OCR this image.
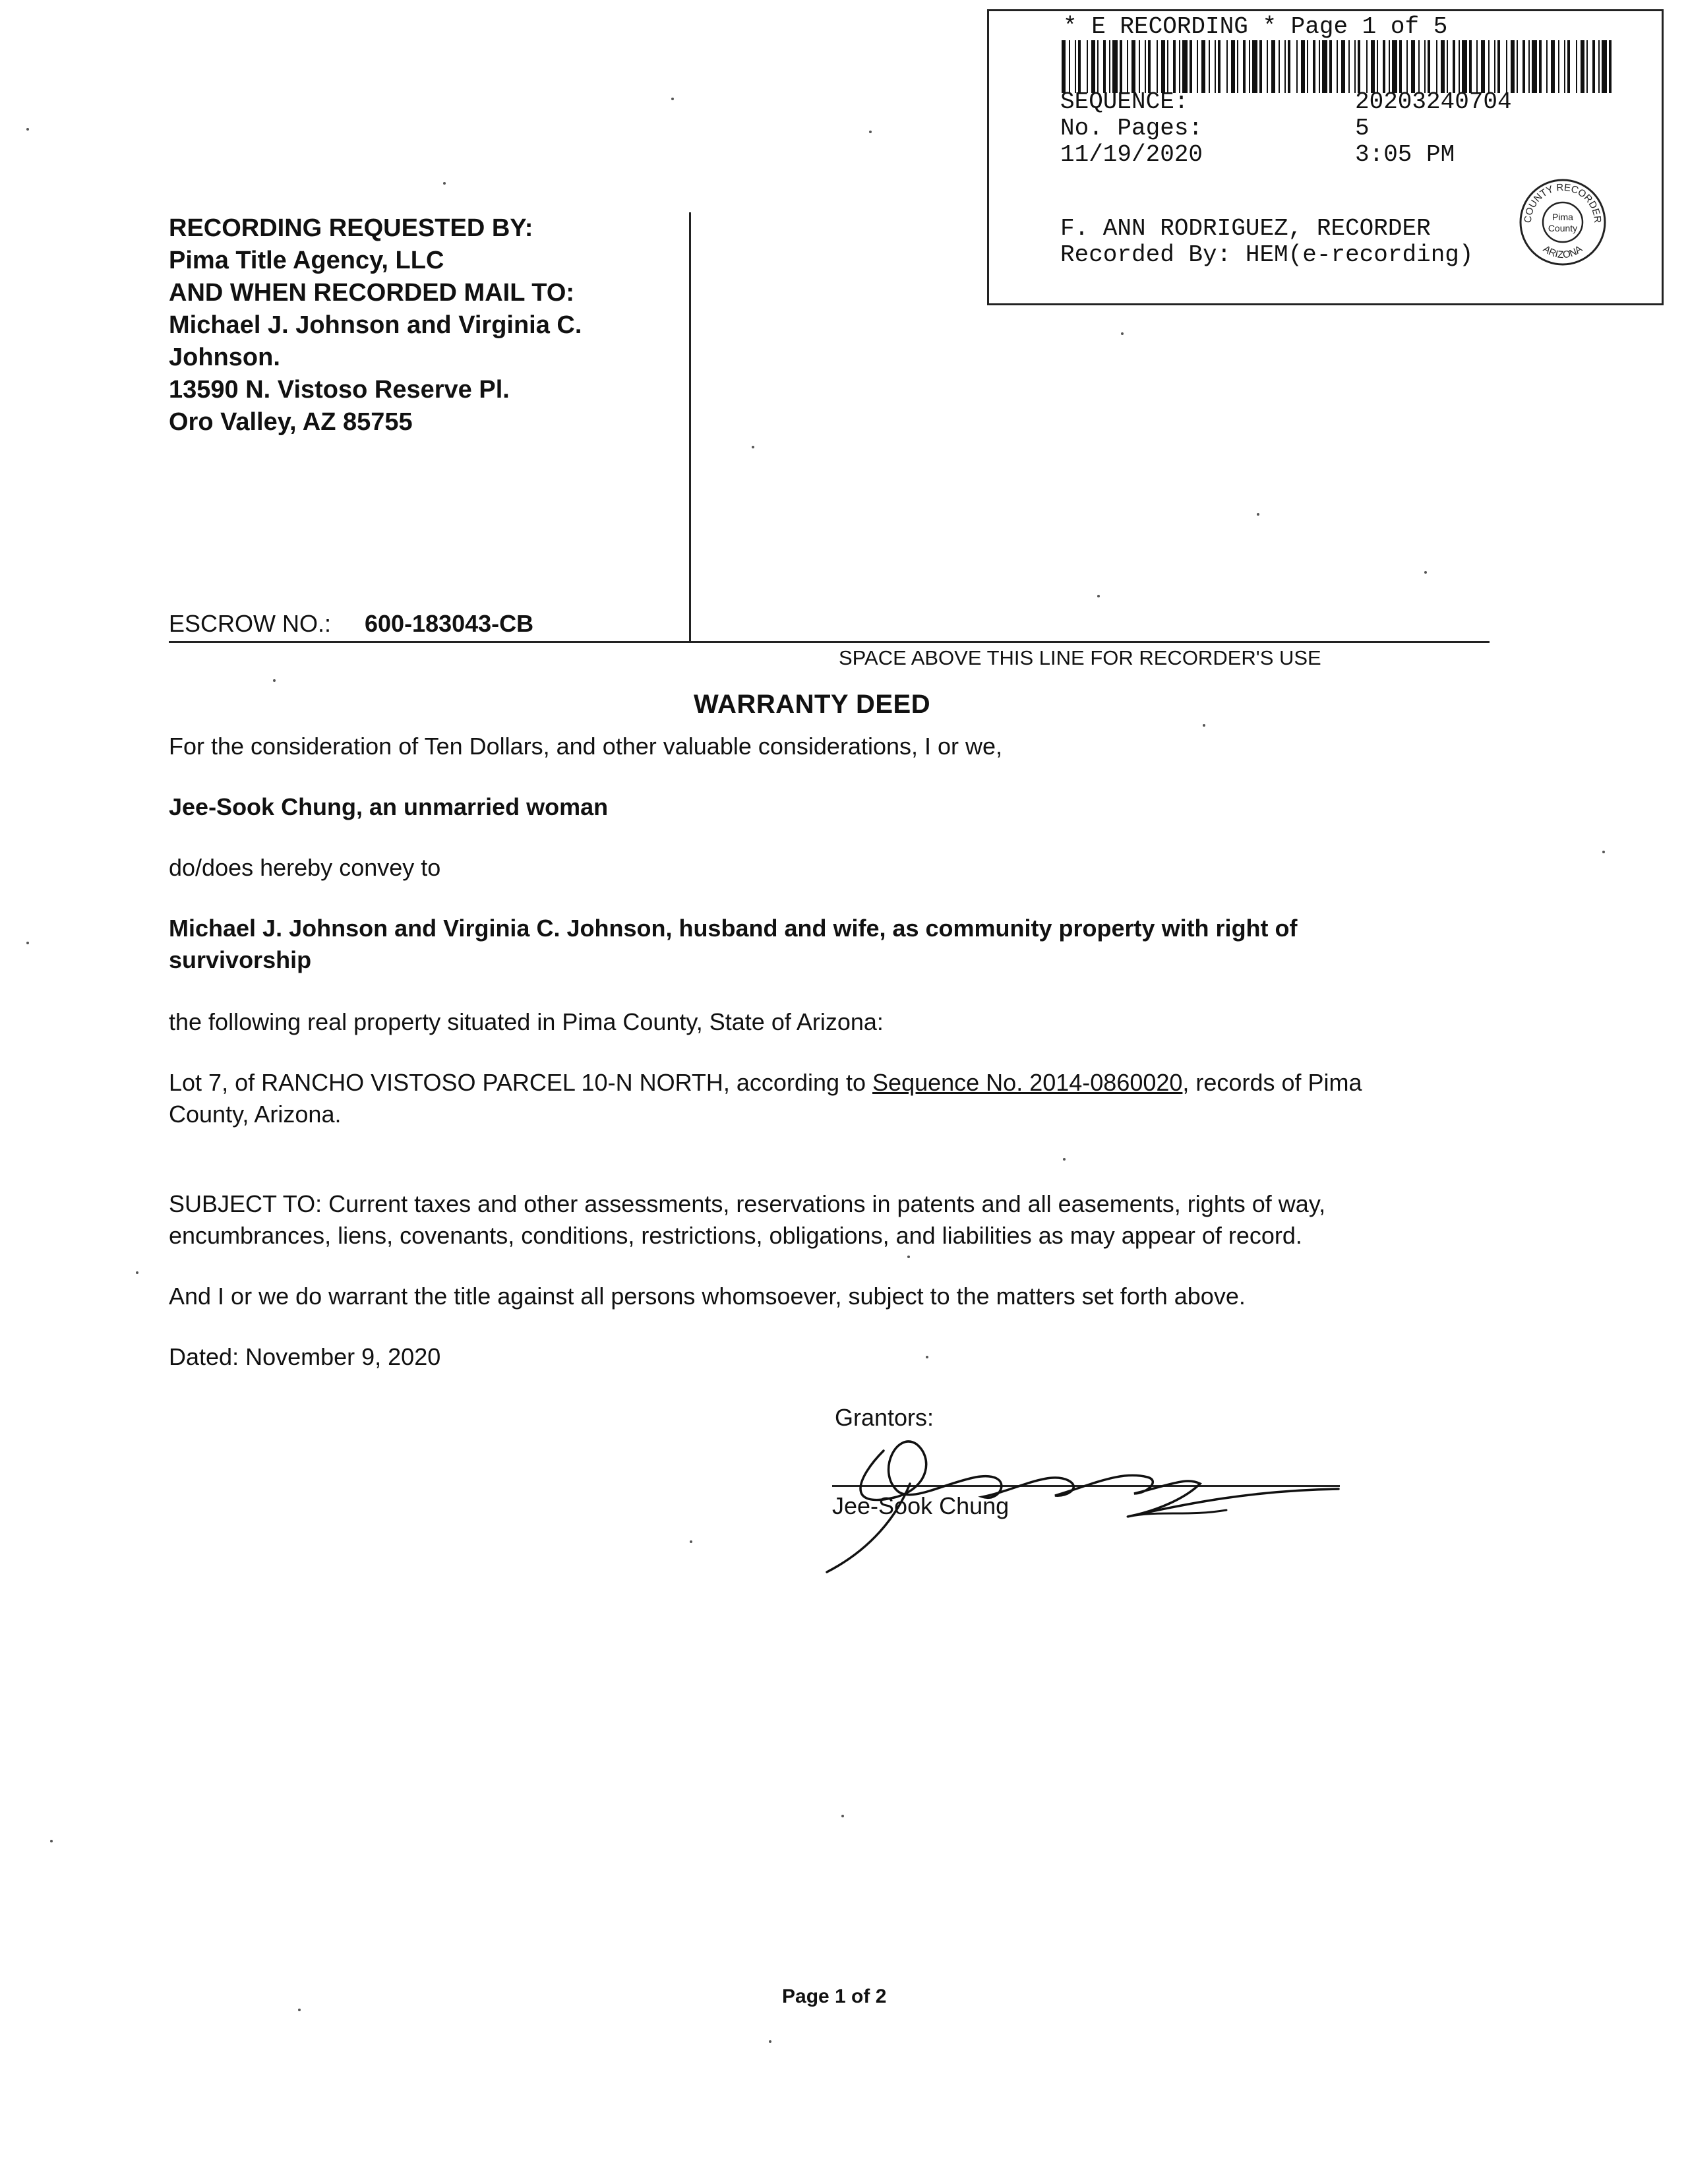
* E RECORDING * Page 1 of 5
SEQUENCE:	20203240704
No. Pages:	5
11/19/2020	3:05 PM
F. ANN RODRIGUEZ, RECORDER
Recorded By: HEM(e-recording)
COUNTY RECORDER
ARIZONA
Pima
County
RECORDING REQUESTED BY:
Pima Title Agency, LLC
AND WHEN RECORDED MAIL TO:
Michael J. Johnson and Virginia C.
Johnson.
13590 N. Vistoso Reserve Pl.
Oro Valley, AZ 85755
ESCROW NO.: 600-183043-CB
SPACE ABOVE THIS LINE FOR RECORDER'S USE
WARRANTY DEED
For the consideration of Ten Dollars, and other valuable considerations, I or we,
Jee-Sook Chung, an unmarried woman
do/does hereby convey to
Michael J. Johnson and Virginia C. Johnson, husband and wife, as community property with right of
survivorship
the following real property situated in Pima County, State of Arizona:
Lot 7, of RANCHO VISTOSO PARCEL 10-N NORTH, according to Sequence No. 2014-0860020, records of Pima
County, Arizona.
SUBJECT TO: Current taxes and other assessments, reservations in patents and all easements, rights of way,
encumbrances, liens, covenants, conditions, restrictions, obligations, and liabilities as may appear of record.
And I or we do warrant the title against all persons whomsoever, subject to the matters set forth above.
Dated: November 9, 2020
Grantors:
Jee-Sook Chung
Page 1 of 2
